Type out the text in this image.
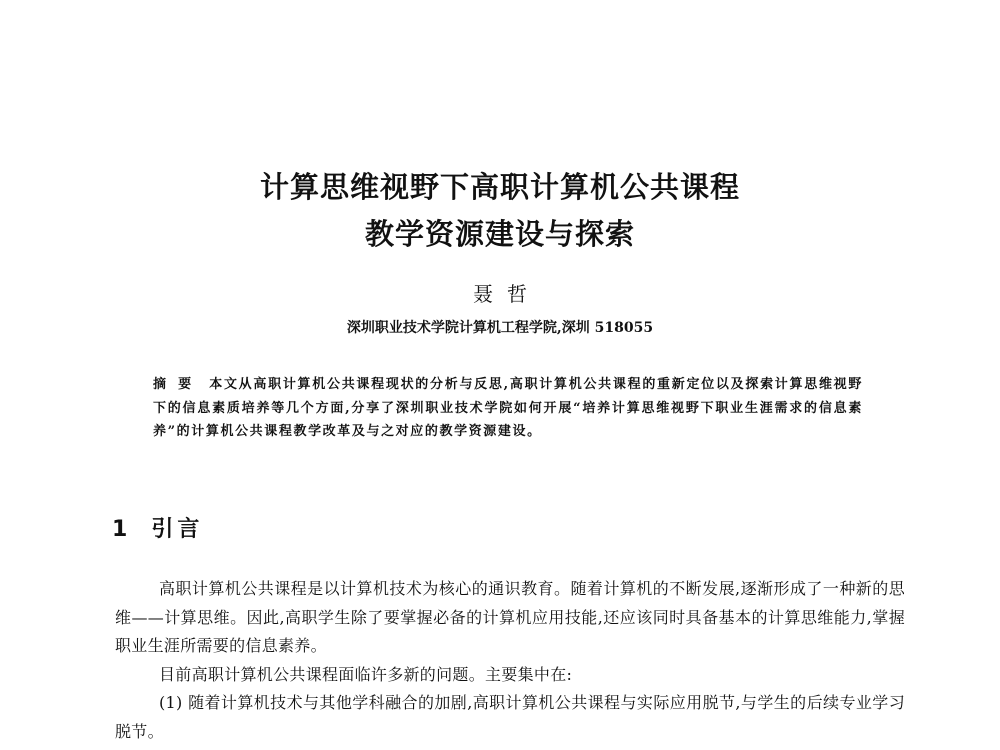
计算思维视野下高职计算机公共课程
教学资源建设与探索
聂哲
深圳职业技术学院计算机工程学院,深圳 518055
摘要 本文从高职计算机公共课程现状的分析与反思,高职计算机公共课程的重新定位以及探索计算思维视野下的信息素质培养等几个方面,分享了深圳职业技术学院如何开展“培养计算思维视野下职业生涯需求的信息素养”的计算机公共课程教学改革及与之对应的教学资源建设。
1 引言

高职计算机公共课程是以计算机技术为核心的通识教育。随着计算机的不断发展,逐渐形成了一种新的思维——计算思维。因此,高职学生除了要掌握必备的计算机应用技能,还应该同时具备基本的计算思维能力,掌握职业生涯所需要的信息素养。

目前高职计算机公共课程面临许多新的问题。主要集中在:

(1) 随着计算机技术与其他学科融合的加剧,高职计算机公共课程与实际应用脱节,与学生的后续专业学习脱节。
